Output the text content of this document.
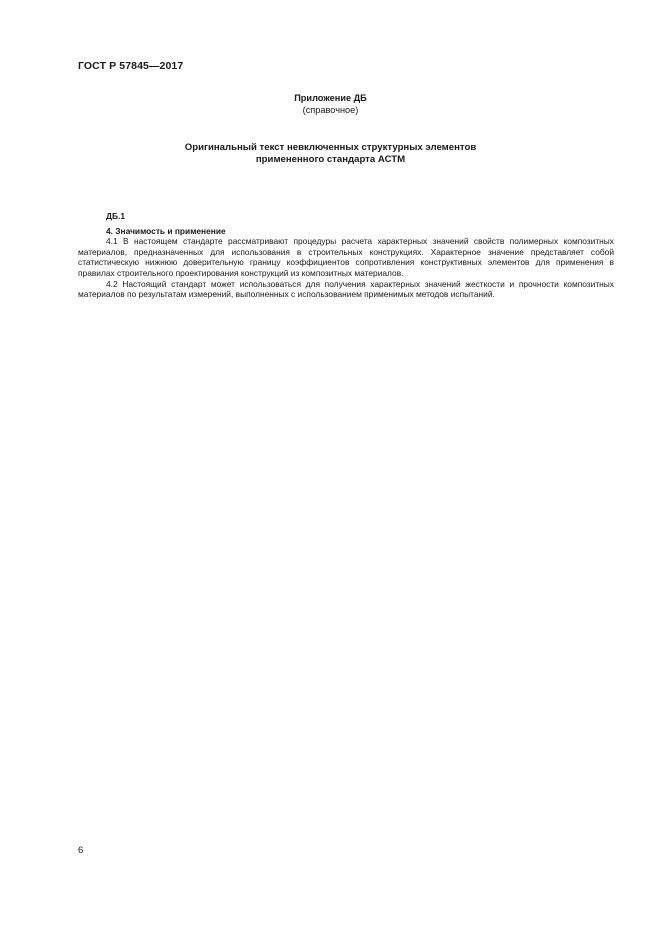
ГОСТ Р 57845—2017
Приложение ДБ
(справочное)
Оригинальный текст невключенных структурных элементов
примененного стандарта АСТМ
ДБ.1
4. Значимость и применение

4.1 В настоящем стандарте рассматривают процедуры расчета характерных значений свойств полимерных композитных материалов, предназначенных для использования в строительных конструкциях. Характерное значение представляет собой статистическую нижнюю доверительную границу коэффициентов сопротивления конструктивных элементов для применения в правилах строительного проектирования конструкций из композитных материалов.

4.2 Настоящий стандарт может использоваться для получения характерных значений жесткости и прочности композитных материалов по результатам измерений, выполненных с использованием применимых методов испытаний.

6
